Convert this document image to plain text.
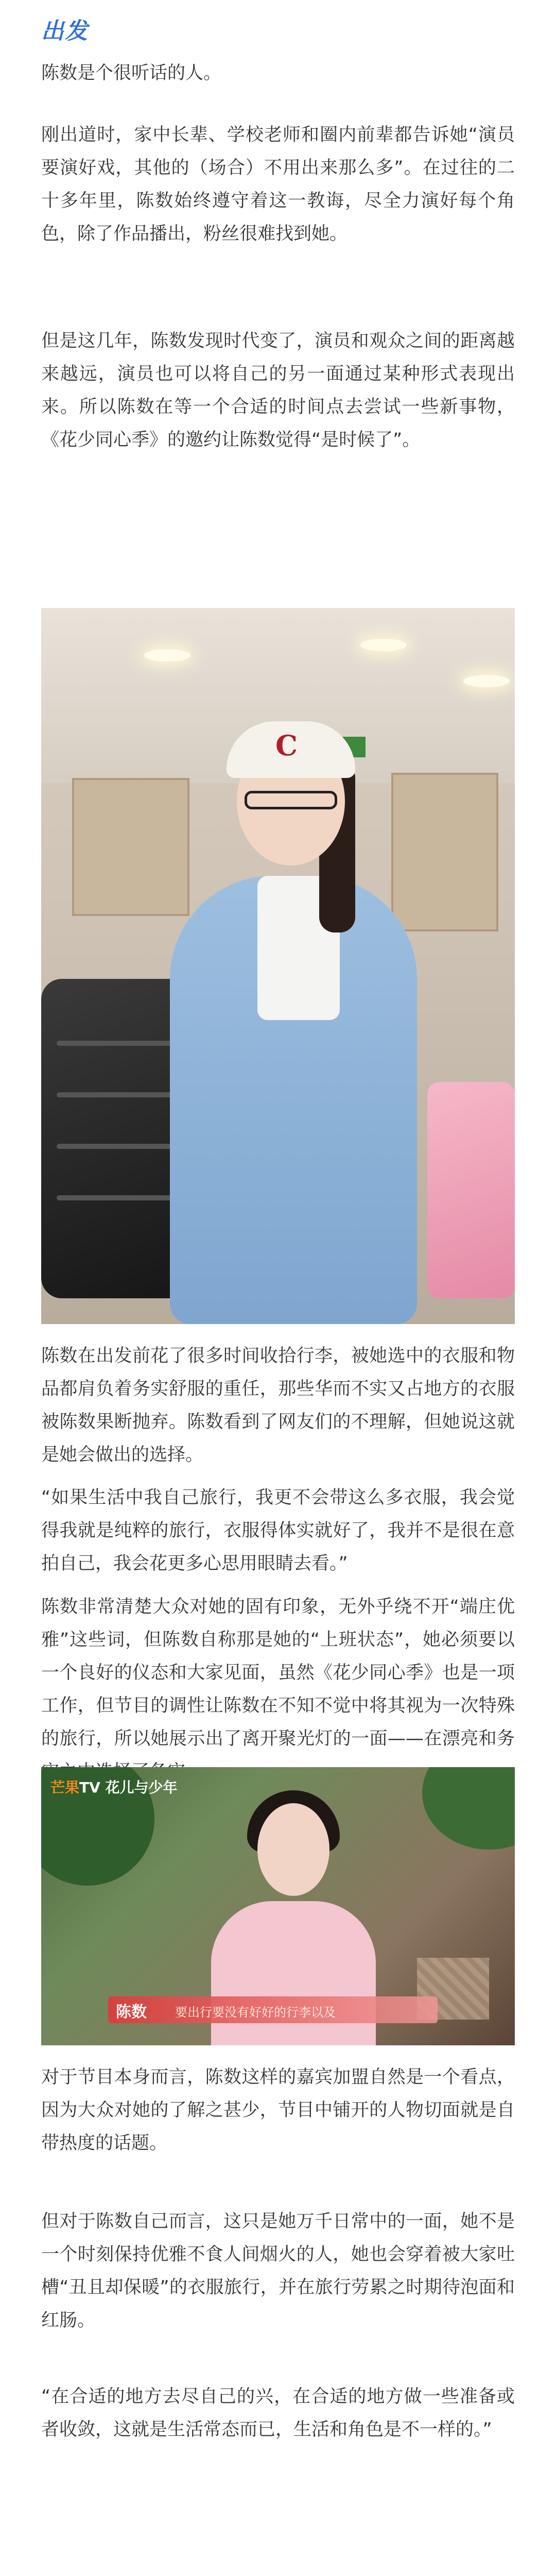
出发

陈数是个很听话的人。

刚出道时，家中长辈、学校老师和圈内前辈都告诉她“演员要演好戏，其他的（场合）不用出来那么多”。在过往的二十多年里，陈数始终遵守着这一教诲，尽全力演好每个角色，除了作品播出，粉丝很难找到她。

但是这几年，陈数发现时代变了，演员和观众之间的距离越来越远，演员也可以将自己的另一面通过某种形式表现出来。所以陈数在等一个合适的时间点去尝试一些新事物，《花少同心季》的邀约让陈数觉得“是时候了”。

C

陈数在出发前花了很多时间收拾行李，被她选中的衣服和物品都肩负着务实舒服的重任，那些华而不实又占地方的衣服被陈数果断抛弃。陈数看到了网友们的不理解，但她说这就是她会做出的选择。

“如果生活中我自己旅行，我更不会带这么多衣服，我会觉得我就是纯粹的旅行，衣服得体实就好了，我并不是很在意拍自己，我会花更多心思用眼睛去看。”

陈数非常清楚大众对她的固有印象，无外乎绕不开“端庄优雅”这些词，但陈数自称那是她的“上班状态”，她必须要以一个良好的仪态和大家见面，虽然《花少同心季》也是一项工作，但节目的调性让陈数在不知不觉中将其视为一次特殊的旅行，所以她展示出了离开聚光灯的一面——在漂亮和务

芒果TV 花儿与少年
陈数 要出行要没有好好的行李以及

对于节目本身而言，陈数这样的嘉宾加盟自然是一个看点，因为大众对她的了解之甚少，节目中铺开的人物切面就是自带热度的话题。

但对于陈数自己而言，这只是她万千日常中的一面，她不是一个时刻保持优雅不食人间烟火的人，她也会穿着被大家吐槽“丑且却保暖”的衣服旅行，并在旅行劳累之时期待泡面和红肠。

“在合适的地方去尽自己的兴，在合适的地方做一些准备或者收敛，这就是生活常态而已，生活和角色是不一样的。”
